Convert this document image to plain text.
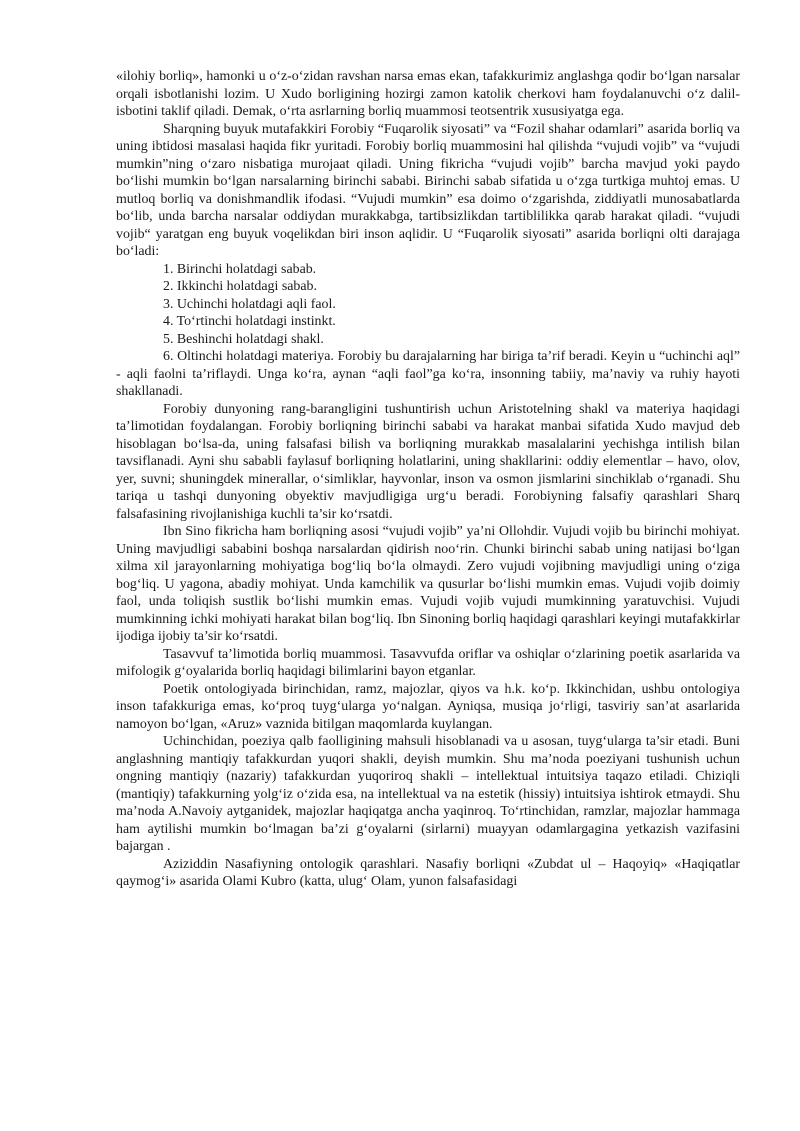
«ilohiy borliq», hamonki u o‘z-o‘zidan ravshan narsa emas ekan, tafakkurimiz anglashga qodir bo‘lgan narsalar orqali isbotlanishi lozim. U Xudo borligining hozirgi zamon katolik cherkovi ham foydalanuvchi o‘z dalil-isbotini taklif qiladi. Demak, o‘rta asrlarning borliq muammosi teotsentrik xususiyatga ega.

Sharqning buyuk mutafakkiri Forobiy “Fuqarolik siyosati” va “Fozil shahar odamlari” asarida borliq va uning ibtidosi masalasi haqida fikr yuritadi. Forobiy borliq muammosini hal qilishda “vujudi vojib” va “vujudi mumkin”ning o‘zaro nisbatiga murojaat qiladi. Uning fikricha “vujudi vojib” barcha mavjud yoki paydo bo‘lishi mumkin bo‘lgan narsalarning birinchi sababi. Birinchi sabab sifatida u o‘zga turtkiga muhtoj emas. U mutloq borliq va donishmandlik ifodasi. “Vujudi mumkin” esa doimo o‘zgarishda, ziddiyatli munosabatlarda bo‘lib, unda barcha narsalar oddiydan murakkabga, tartibsizlikdan tartiblilikka qarab harakat qiladi. “vujudi vojib“ yaratgan eng buyuk voqelikdan biri inson aqlidir. U “Fuqarolik siyosati” asarida borliqni olti darajaga bo‘ladi:

1. Birinchi holatdagi sabab.

2. Ikkinchi holatdagi sabab.

3. Uchinchi holatdagi aqli faol.

4. To‘rtinchi holatdagi instinkt.

5. Beshinchi holatdagi shakl.

6. Oltinchi holatdagi materiya. Forobiy bu darajalarning har biriga ta’rif beradi. Keyin u “uchinchi aql” - aqli faolni ta’riflaydi. Unga ko‘ra, aynan “aqli faol”ga ko‘ra, insonning tabiiy, ma’naviy va ruhiy hayoti shakllanadi.

Forobiy dunyoning rang-barangligini tushuntirish uchun Aristotelning shakl va materiya haqidagi ta’limotidan foydalangan. Forobiy borliqning birinchi sababi va harakat manbai sifatida Xudo mavjud deb hisoblagan bo‘lsa-da, uning falsafasi bilish va borliqning murakkab masalalarini yechishga intilish bilan tavsiflanadi. Ayni shu sababli faylasuf borliqning holatlarini, uning shakllarini: oddiy elementlar – havo, olov, yer, suvni; shuningdek minerallar, o‘simliklar, hayvonlar, inson va osmon jismlarini sinchiklab o‘rganadi. Shu tariqa u tashqi dunyoning obyektiv mavjudligiga urg‘u beradi. Forobiyning falsafiy qarashlari Sharq falsafasining rivojlanishiga kuchli ta’sir ko‘rsatdi.

Ibn Sino fikricha ham borliqning asosi “vujudi vojib” ya’ni Ollohdir. Vujudi vojib bu birinchi mohiyat. Uning mavjudligi sababini boshqa narsalardan qidirish noo‘rin. Chunki birinchi sabab uning natijasi bo‘lgan xilma xil jarayonlarning mohiyatiga bog‘liq bo‘la olmaydi. Zero vujudi vojibning mavjudligi uning o‘ziga bog‘liq. U yagona, abadiy mohiyat. Unda kamchilik va qusurlar bo‘lishi mumkin emas. Vujudi vojib doimiy faol, unda toliqish sustlik bo‘lishi mumkin emas. Vujudi vojib vujudi mumkinning yaratuvchisi. Vujudi mumkinning ichki mohiyati harakat bilan bog‘liq. Ibn Sinoning borliq haqidagi qarashlari keyingi mutafakkirlar ijodiga ijobiy ta’sir ko‘rsatdi.

Tasavvuf ta’limotida borliq muammosi. Tasavvufda oriflar va oshiqlar o‘zlarining poetik asarlarida va mifologik g‘oyalarida borliq haqidagi bilimlarini bayon etganlar.

Poetik ontologiyada birinchidan, ramz, majozlar, qiyos va h.k. ko‘p. Ikkinchidan, ushbu ontologiya inson tafakkuriga emas, ko‘proq tuyg‘ularga yo‘nalgan. Ayniqsa, musiqa jo‘rligi, tasviriy san’at asarlarida namoyon bo‘lgan, «Aruz» vaznida bitilgan maqomlarda kuylangan.

Uchinchidan, poeziya qalb faolligining mahsuli hisoblanadi va u asosan, tuyg‘ularga ta’sir etadi. Buni anglashning mantiqiy tafakkurdan yuqori shakli, deyish mumkin. Shu ma’noda poeziyani tushunish uchun ongning mantiqiy (nazariy) tafakkurdan yuqoriroq shakli – intellektual intuitsiya taqazo etiladi. Chiziqli (mantiqiy) tafakkurning yolg‘iz o‘zida esa, na intellektual va na estetik (hissiy) intuitsiya ishtirok etmaydi. Shu ma’noda A.Navoiy aytganidek, majozlar haqiqatga ancha yaqinroq. To‘rtinchidan, ramzlar, majozlar hammaga ham aytilishi mumkin bo‘lmagan ba’zi g‘oyalarni (sirlarni) muayyan odamlargagina yetkazish vazifasini bajargan .

Aziziddin Nasafiyning ontologik qarashlari. Nasafiy borliqni «Zubdat ul – Haqoyiq» «Haqiqatlar qaymog‘i» asarida Olami Kubro (katta, ulug‘ Olam, yunon falsafasidagi
